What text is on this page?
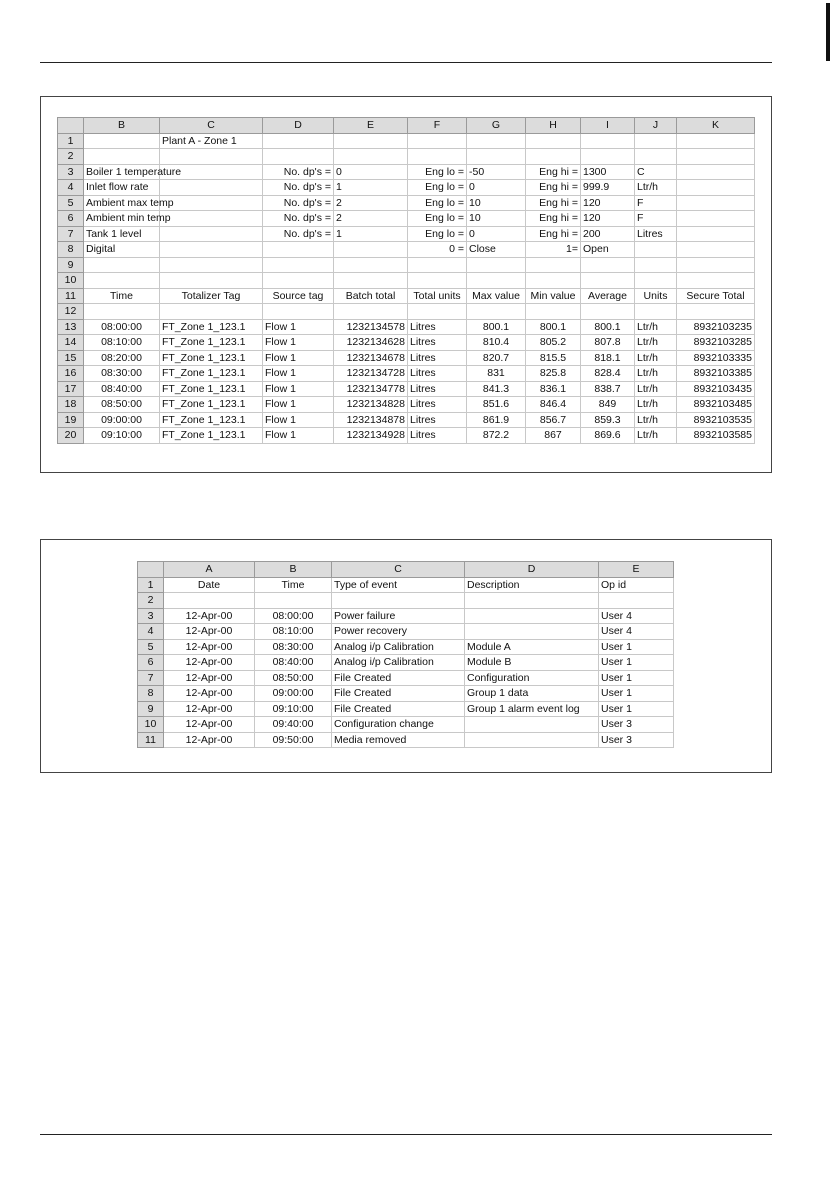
	B	C	D	E	F	G	H	I	J	K
1		Plant A - Zone 1								
2										
3	Boiler 1 temperature		No. dp's =	0	Eng lo =	-50	Eng hi =	1300	C	
4	Inlet flow rate		No. dp's =	1	Eng lo =	0	Eng hi =	999.9	Ltr/h	
5	Ambient max temp		No. dp's =	2	Eng lo =	10	Eng hi =	120	F	
6	Ambient min temp		No. dp's =	2	Eng lo =	10	Eng hi =	120	F	
7	Tank 1 level		No. dp's =	1	Eng lo =	0	Eng hi =	200	Litres	
8	Digital				0 =	Close	1=	Open		
9										
10										
11	Time	Totalizer Tag	Source tag	Batch total	Total units	Max value	Min value	Average	Units	Secure Total
12										
13	08:00:00	FT_Zone 1_123.1	Flow 1	1232134578	Litres	800.1	800.1	800.1	Ltr/h	8932103235
14	08:10:00	FT_Zone 1_123.1	Flow 1	1232134628	Litres	810.4	805.2	807.8	Ltr/h	8932103285
15	08:20:00	FT_Zone 1_123.1	Flow 1	1232134678	Litres	820.7	815.5	818.1	Ltr/h	8932103335
16	08:30:00	FT_Zone 1_123.1	Flow 1	1232134728	Litres	831	825.8	828.4	Ltr/h	8932103385
17	08:40:00	FT_Zone 1_123.1	Flow 1	1232134778	Litres	841.3	836.1	838.7	Ltr/h	8932103435
18	08:50:00	FT_Zone 1_123.1	Flow 1	1232134828	Litres	851.6	846.4	849	Ltr/h	8932103485
19	09:00:00	FT_Zone 1_123.1	Flow 1	1232134878	Litres	861.9	856.7	859.3	Ltr/h	8932103535
20	09:10:00	FT_Zone 1_123.1	Flow 1	1232134928	Litres	872.2	867	869.6	Ltr/h	8932103585
	A	B	C	D	E
1	Date	Time	Type of event	Description	Op id
2					
3	12-Apr-00	08:00:00	Power failure		User 4
4	12-Apr-00	08:10:00	Power recovery		User 4
5	12-Apr-00	08:30:00	Analog i/p Calibration	Module A	User 1
6	12-Apr-00	08:40:00	Analog i/p Calibration	Module B	User 1
7	12-Apr-00	08:50:00	File Created	Configuration	User 1
8	12-Apr-00	09:00:00	File Created	Group 1 data	User 1
9	12-Apr-00	09:10:00	File Created	Group 1 alarm event log	User 1
10	12-Apr-00	09:40:00	Configuration change		User 3
11	12-Apr-00	09:50:00	Media removed		User 3
